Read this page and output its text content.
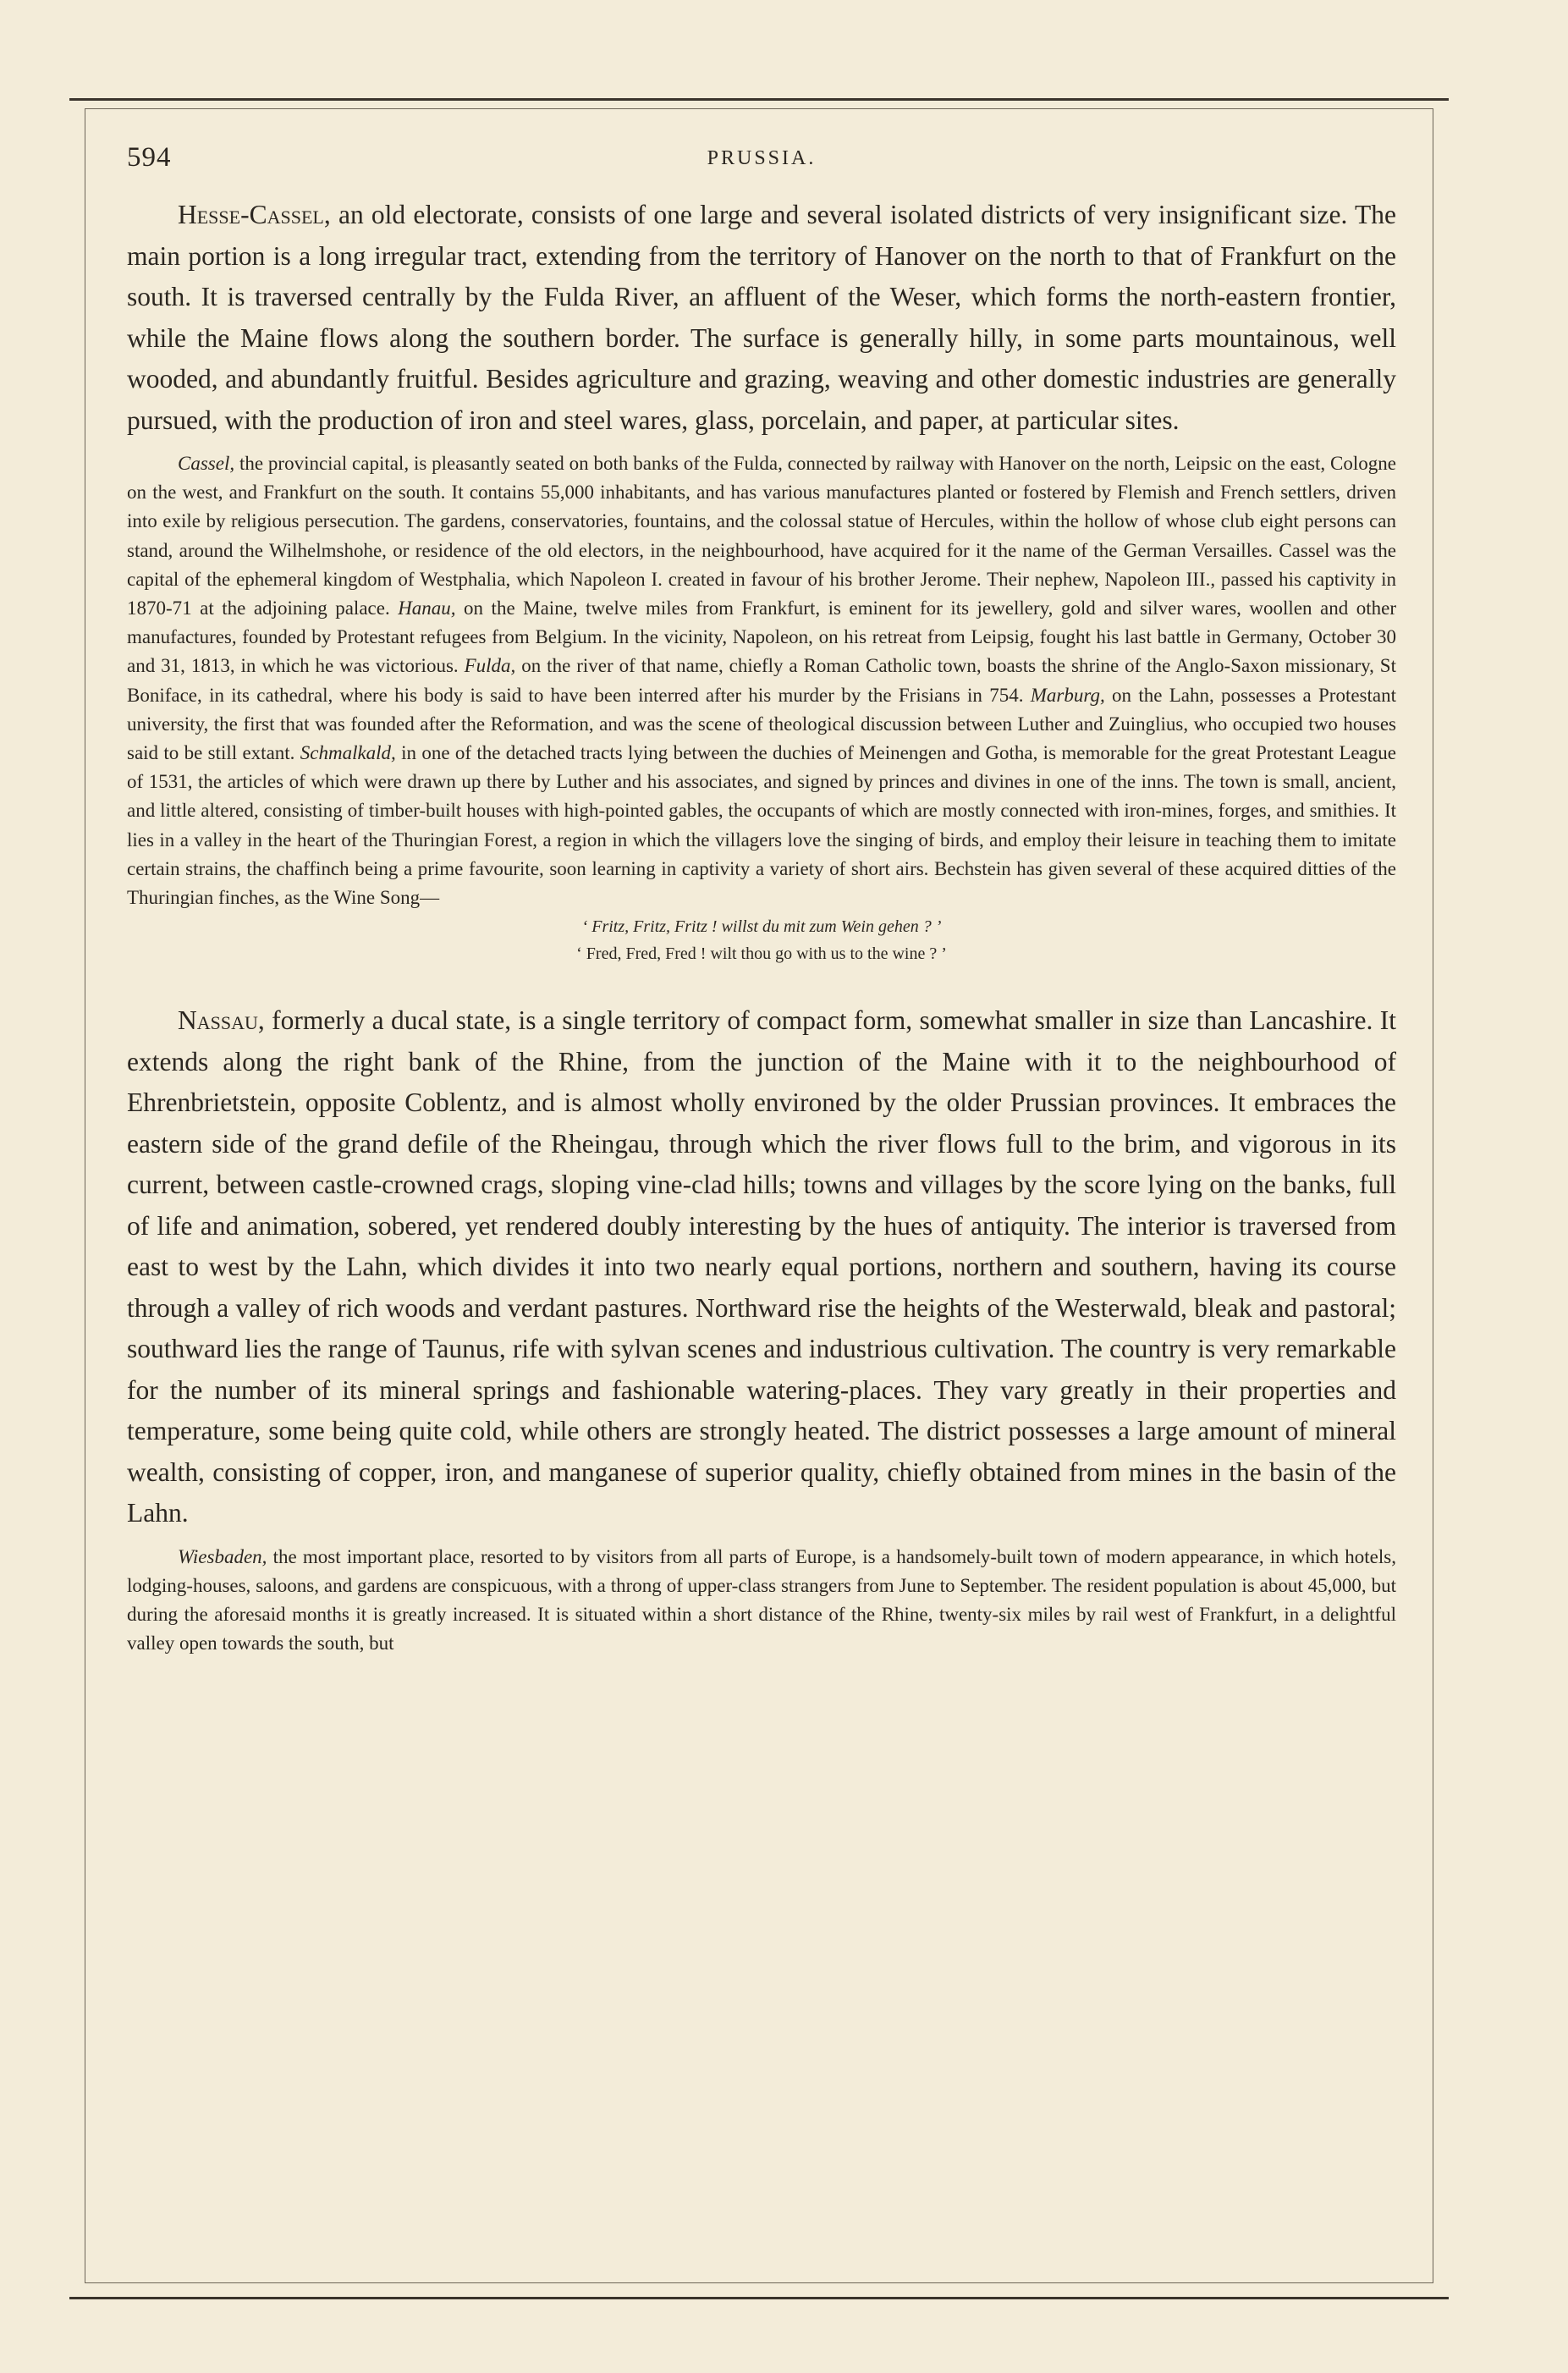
594	PRUSSIA.

Hesse-Cassel, an old electorate, consists of one large and several isolated districts of very insignificant size. The main portion is a long irregular tract, extending from the territory of Hanover on the north to that of Frankfurt on the south. It is traversed centrally by the Fulda River, an affluent of the Weser, which forms the north-eastern frontier, while the Maine flows along the southern border. The surface is generally hilly, in some parts mountainous, well wooded, and abundantly fruitful. Besides agriculture and grazing, weaving and other domestic industries are generally pursued, with the production of iron and steel wares, glass, porcelain, and paper, at particular sites.

Cassel, the provincial capital, is pleasantly seated on both banks of the Fulda, connected by railway with Hanover on the north, Leipsic on the east, Cologne on the west, and Frankfurt on the south. It contains 55,000 inhabitants, and has various manufactures planted or fostered by Flemish and French settlers, driven into exile by religious persecution. The gardens, conservatories, fountains, and the colossal statue of Hercules, within the hollow of whose club eight persons can stand, around the Wilhelmshohe, or residence of the old electors, in the neighbourhood, have acquired for it the name of the German Versailles. Cassel was the capital of the ephemeral kingdom of Westphalia, which Napoleon I. created in favour of his brother Jerome. Their nephew, Napoleon III., passed his captivity in 1870-71 at the adjoining palace. Hanau, on the Maine, twelve miles from Frankfurt, is eminent for its jewellery, gold and silver wares, woollen and other manufactures, founded by Protestant refugees from Belgium. In the vicinity, Napoleon, on his retreat from Leipsig, fought his last battle in Germany, October 30 and 31, 1813, in which he was victorious. Fulda, on the river of that name, chiefly a Roman Catholic town, boasts the shrine of the Anglo-Saxon missionary, St Boniface, in its cathedral, where his body is said to have been interred after his murder by the Frisians in 754. Marburg, on the Lahn, possesses a Protestant university, the first that was founded after the Reformation, and was the scene of theological discussion between Luther and Zuinglius, who occupied two houses said to be still extant. Schmalkald, in one of the detached tracts lying between the duchies of Meinengen and Gotha, is memorable for the great Protestant League of 1531, the articles of which were drawn up there by Luther and his associates, and signed by princes and divines in one of the inns. The town is small, ancient, and little altered, consisting of timber-built houses with high-pointed gables, the occupants of which are mostly connected with iron-mines, forges, and smithies. It lies in a valley in the heart of the Thuringian Forest, a region in which the villagers love the singing of birds, and employ their leisure in teaching them to imitate certain strains, the chaffinch being a prime favourite, soon learning in captivity a variety of short airs. Bechstein has given several of these acquired ditties of the Thuringian finches, as the Wine Song—

‘ Fritz, Fritz, Fritz ! willst du mit zum Wein gehen ? ’
‘ Fred, Fred, Fred ! wilt thou go with us to the wine ? ’

Nassau, formerly a ducal state, is a single territory of compact form, somewhat smaller in size than Lancashire. It extends along the right bank of the Rhine, from the junction of the Maine with it to the neighbourhood of Ehrenbrietstein, opposite Coblentz, and is almost wholly environed by the older Prussian provinces. It embraces the eastern side of the grand defile of the Rheingau, through which the river flows full to the brim, and vigorous in its current, between castle-crowned crags, sloping vine-clad hills; towns and villages by the score lying on the banks, full of life and animation, sobered, yet rendered doubly interesting by the hues of antiquity. The interior is traversed from east to west by the Lahn, which divides it into two nearly equal portions, northern and southern, having its course through a valley of rich woods and verdant pastures. Northward rise the heights of the Westerwald, bleak and pastoral; southward lies the range of Taunus, rife with sylvan scenes and industrious cultivation. The country is very remarkable for the number of its mineral springs and fashionable watering-places. They vary greatly in their properties and temperature, some being quite cold, while others are strongly heated. The district possesses a large amount of mineral wealth, consisting of copper, iron, and manganese of superior quality, chiefly obtained from mines in the basin of the Lahn.

Wiesbaden, the most important place, resorted to by visitors from all parts of Europe, is a handsomely-built town of modern appearance, in which hotels, lodging-houses, saloons, and gardens are conspicuous, with a throng of upper-class strangers from June to September. The resident population is about 45,000, but during the aforesaid months it is greatly increased. It is situated within a short distance of the Rhine, twenty-six miles by rail west of Frankfurt, in a delightful valley open towards the south, but
